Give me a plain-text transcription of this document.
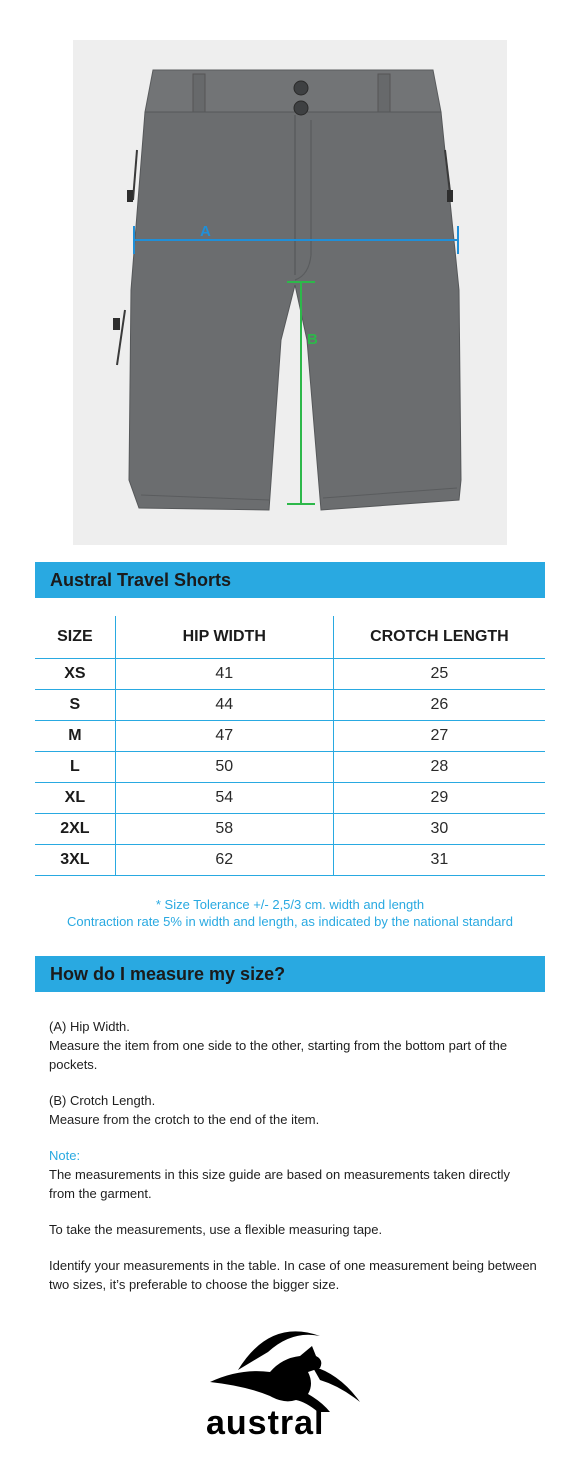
A
B
Austral Travel Shorts
SIZE	HIP WIDTH	CROTCH LENGTH
XS	41	25
S	44	26
M	47	27
L	50	28
XL	54	29
2XL	58	30
3XL	62	31
* Size Tolerance +/- 2,5/3 cm. width and length
Contraction rate 5% in width and length, as indicated by the national standard
How do I measure my size?

(A) Hip Width.

Measure the item from one side to the other, starting from the bottom part of the pockets.

(B) Crotch Length.

Measure from the crotch to the end of the item.

Note:

The measurements in this size guide are based on measurements taken directly from the garment.

To take the measurements, use a flexible measuring tape.

Identify your measurements in the table. In case of one measurement being between two sizes, it’s preferable to choose the bigger size.

austral
